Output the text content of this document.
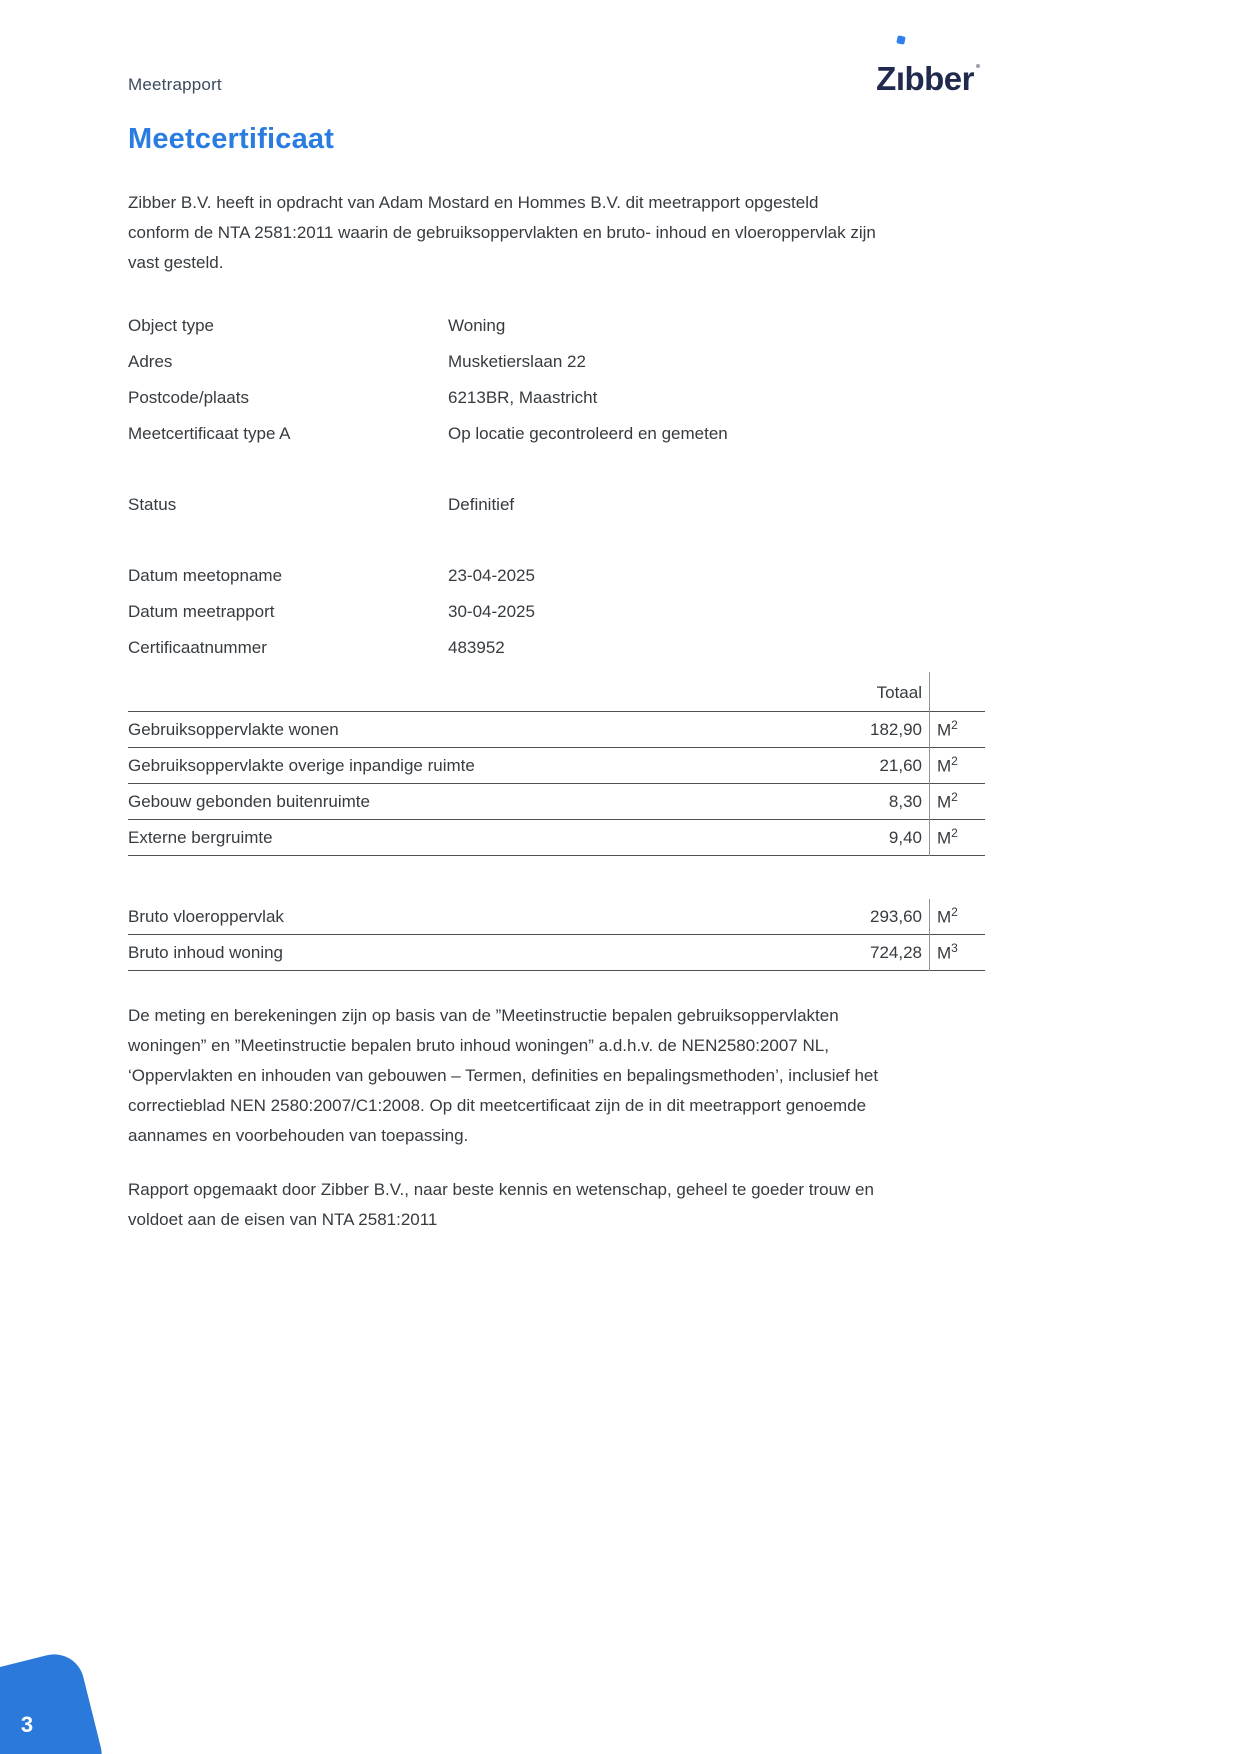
Meetrapport	Zı
bber
Meetcertificaat

Zibber B.V. heeft in opdracht van Adam Mostard en Hommes B.V. dit meetrapport opgesteld conform de NTA 2581:2011 waarin de gebruiksoppervlakten en bruto- inhoud en vloeroppervlak zijn vast gesteld.

Object type	Woning
Adres	Musketierslaan 22
Postcode/plaats	6213BR, Maastricht
Meetcertificaat type A	Op locatie gecontroleerd en gemeten
Status	Definitief
Datum meetopname	23-04-2025
Datum meetrapport	30-04-2025
Certificaatnummer	483952
Totaal
Gebruiksoppervlakte wonen	182,90 $M^2$
Gebruiksoppervlakte overige inpandige ruimte	21,60 $M^2$
Gebouw gebonden buitenruimte	8,30 $M^2$
Externe bergruimte	9,40 $M^2$
Bruto vloeroppervlak	293,60 $M^2$
Bruto inhoud woning	724,28 $M^3$

De meting en berekeningen zijn op basis van de ”Meetinstructie bepalen gebruiksoppervlakten woningen” en ”Meetinstructie bepalen bruto inhoud woningen” a.d.h.v. de NEN2580:2007 NL, ‘Oppervlakten en inhouden van gebouwen – Termen, definities en bepalingsmethoden’, inclusief het correctieblad NEN 2580:2007/C1:2008. Op dit meetcertificaat zijn de in dit meetrapport genoemde aannames en voorbehouden van toepassing.

Rapport opgemaakt door Zibber B.V., naar beste kennis en wetenschap, geheel te goeder trouw en voldoet aan de eisen van NTA 2581:2011

3
